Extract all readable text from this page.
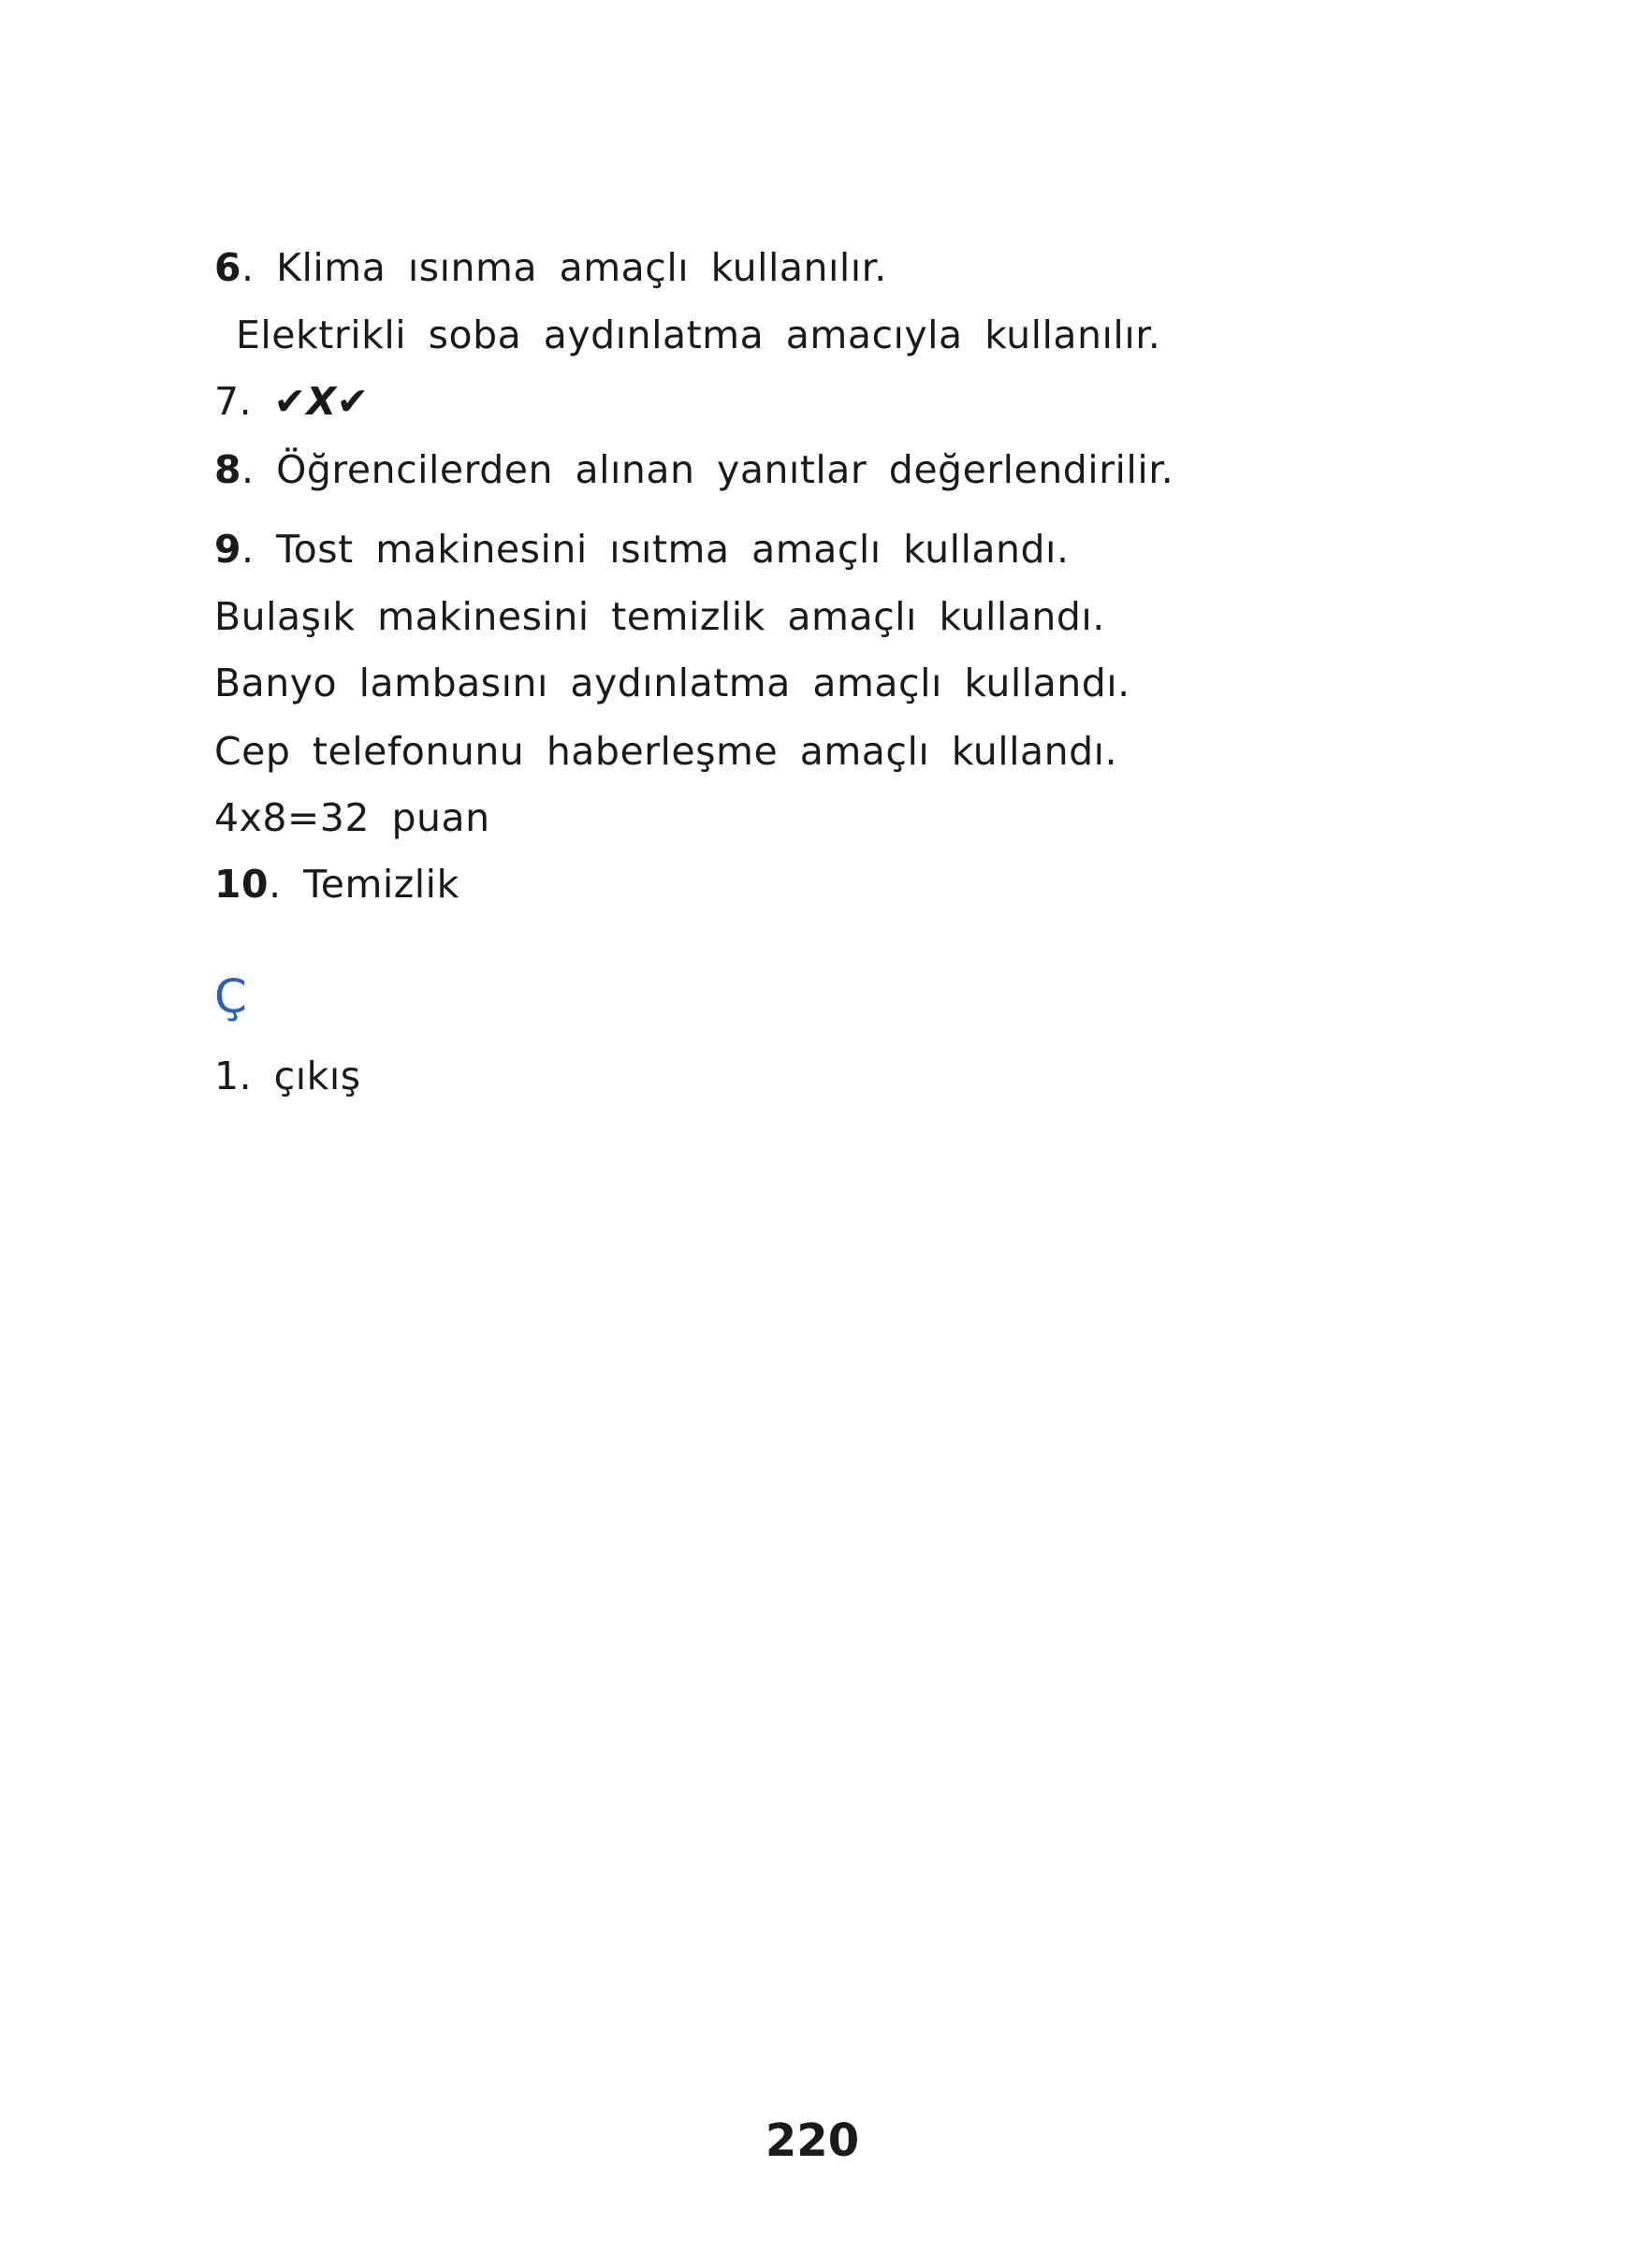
6. Klima ısınma amaçlı kullanılır.
Elektrikli soba aydınlatma amacıyla kullanılır.
7. ✔X✔
8. Öğrencilerden alınan yanıtlar değerlendirilir.
9. Tost makinesini ısıtma amaçlı kullandı.
Bulaşık makinesini temizlik amaçlı kullandı.
Banyo lambasını aydınlatma amaçlı kullandı.
Cep telefonunu haberleşme amaçlı kullandı.
4x8=32 puan
10. Temizlik
Ç
1. çıkış
220
